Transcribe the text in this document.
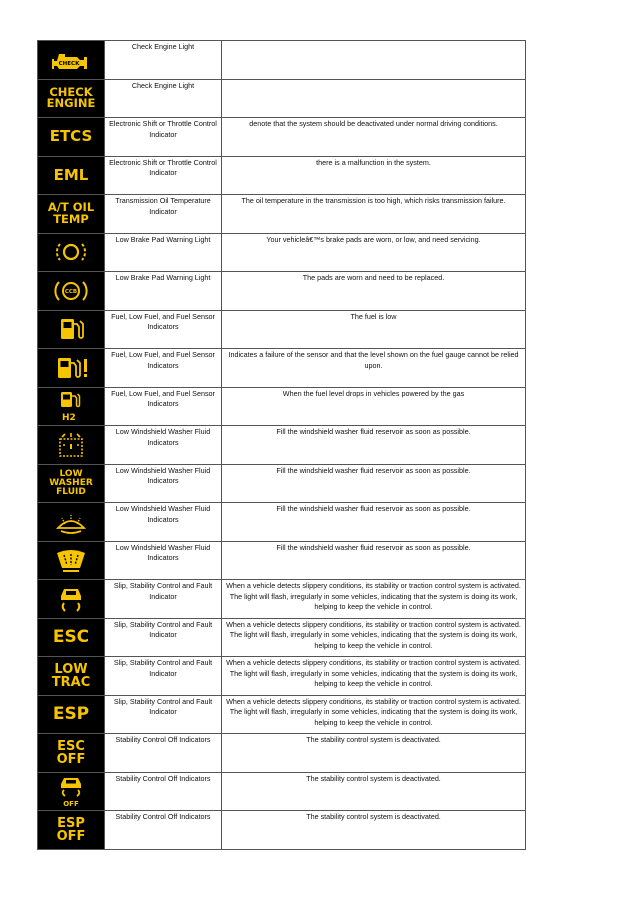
CHECK	Check Engine Light	

CHECK
ENGINE	Check Engine Light	

ETCS	Electronic Shift or Throttle Control Indicator	denote that the system should be deactivated under normal driving conditions.

EML	Electronic Shift or Throttle Control Indicator	there is a malfunction in the system.

A/T OIL
TEMP	Transmission Oil Temperature Indicator	The oil temperature in the transmission is too high, which risks transmission failure.

Low Brake Pad Warning Light	Your vehicleâ€™s brake pads are worn, or low, and need servicing.

CCB	Low Brake Pad Warning Light	The pads are worn and need to be replaced.

Fuel, Low Fuel, and Fuel Sensor Indicators	The fuel is low

Fuel, Low Fuel, and Fuel Sensor Indicators	Indicates a failure of the sensor and that the level shown on the fuel gauge cannot be relied upon.

H2	Fuel, Low Fuel, and Fuel Sensor Indicators	When the fuel level drops in vehicles powered by the gas

Low Windshield Washer Fluid Indicators	Fill the windshield washer fluid reservoir as soon as possible.

LOW
WASHER
FLUID	Low Windshield Washer Fluid Indicators	Fill the windshield washer fluid reservoir as soon as possible.

Low Windshield Washer Fluid Indicators	Fill the windshield washer fluid reservoir as soon as possible.

Low Windshield Washer Fluid Indicators	Fill the windshield washer fluid reservoir as soon as possible.

Slip, Stability Control and Fault Indicator	When a vehicle detects slippery conditions, its stability or traction control system is activated. The light will flash, irregularly in some vehicles, indicating that the system is doing its work, helping to keep the vehicle in control.

ESC	Slip, Stability Control and Fault Indicator	When a vehicle detects slippery conditions, its stability or traction control system is activated. The light will flash, irregularly in some vehicles, indicating that the system is doing its work, helping to keep the vehicle in control.

LOW
TRAC	Slip, Stability Control and Fault Indicator	When a vehicle detects slippery conditions, its stability or traction control system is activated. The light will flash, irregularly in some vehicles, indicating that the system is doing its work, helping to keep the vehicle in control.

ESP	Slip, Stability Control and Fault Indicator	When a vehicle detects slippery conditions, its stability or traction control system is activated. The light will flash, irregularly in some vehicles, indicating that the system is doing its work, helping to keep the vehicle in control.

ESC
OFF	Stability Control Off Indicators	The stability control system is deactivated.

OFF	Stability Control Off Indicators	The stability control system is deactivated.

ESP
OFF	Stability Control Off Indicators	The stability control system is deactivated.
